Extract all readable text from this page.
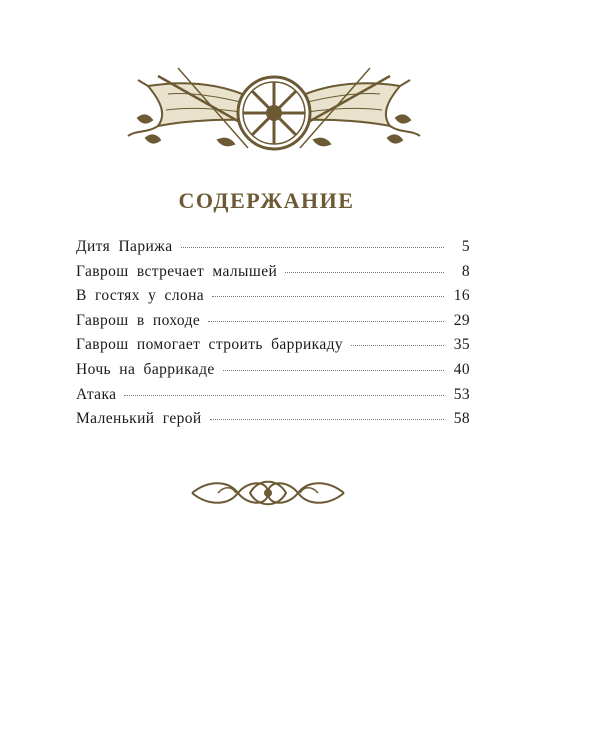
СОДЕРЖАНИЕ
Дитя Парижа	5
Гаврош встречает малышей	8
В гостях у слона	16
Гаврош в походе	29
Гаврош помогает строить баррикаду	35
Ночь на баррикаде	40
Атака	53
Маленький герой	58
